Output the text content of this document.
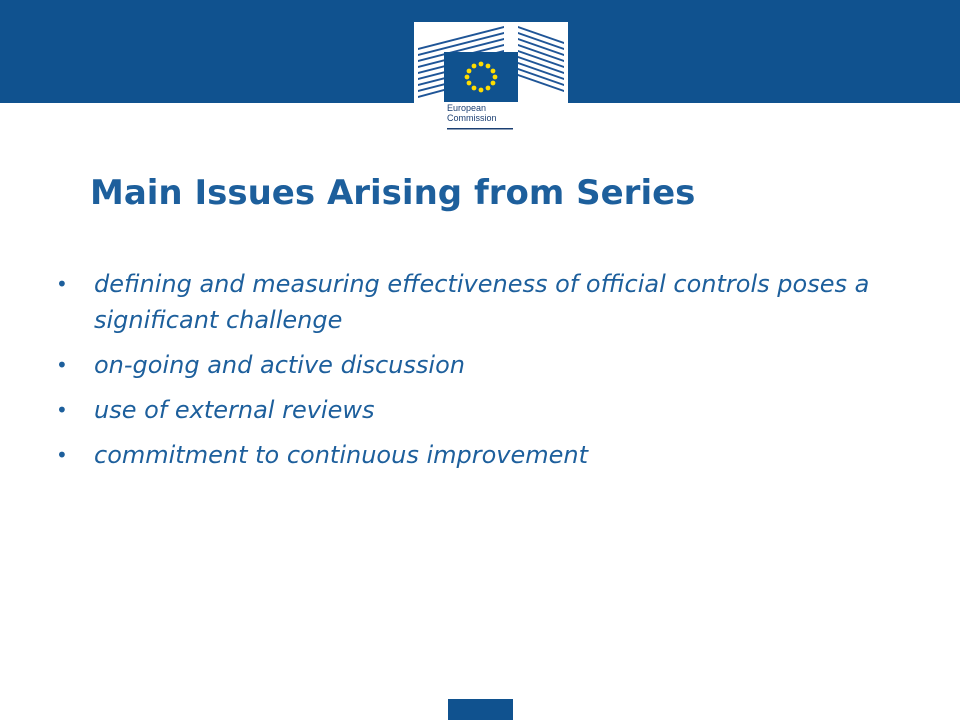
European
Commission
Main Issues Arising from Series
• defining and measuring effectiveness of official controls poses a significant challenge
• on-going and active discussion
• use of external reviews
• commitment to continuous improvement
